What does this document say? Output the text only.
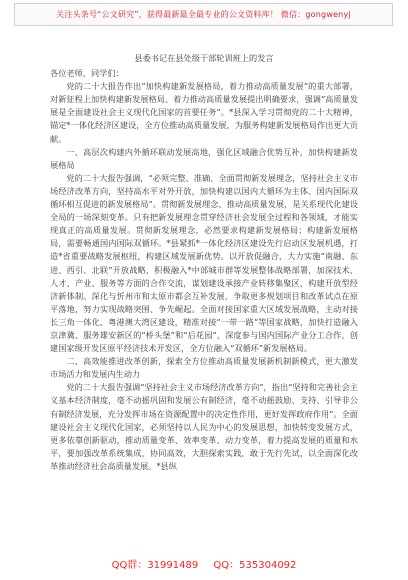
关注头条号“公文研究”，获得最新最全最专业的公文资料库！ 微信：gongwenyj
县委书记在县处级干部轮训班上的发言
各位老师，同学们：
党的二十大报告作出“加快构建新发展格局，着力推动高质量发展”的重大部署，对新征程上加快构建新发展格局、着力推动高质量发展提出明确要求，强调“高质量发展是全面建设社会主义现代化国家的首要任务”。*县深入学习贯彻党的二十大精神，锚定*一体化经济区建设，全方位推动高质量发展，为服务构建新发展格局作出更大贡献。
一、高层次构建内外循环联动发展高地，强化区域融合优势互补，加快构建新发展格局
党的二十大报告强调，“必须完整、准确、全面贯彻新发展理念，坚持社会主义市场经济改革方向，坚持高水平对外开放，加快构建以国内大循环为主体、国内国际双循环相互促进的新发展格局”。贯彻新发展理念、推动高质量发展，是关系现代化建设全局的一场深刻变革。只有把新发展理念贯穿经济社会发展全过程和各领域，才能实现真正的高质量发展。贯彻新发展理念，必然要求构建新发展格局；构建新发展格局，需要畅通国内国际双循环。*县紧抓*一体化经济区建设先行启动区发展机遇，打造*省重要战略发展枢纽，构建区域发展新优势。以开放促融合，大力实施“南融、东进、西引、北联”开放战略，积极融入*中部城市群等发展整体战略部署，加深技术、人才、产业、服务等方面的合作交流，谋划建设承接产业转移集聚区，构建开放型经济新体制。深化与忻州市和太原市都会互补发展，争取更多规划项目和改革试点在原平落地，努力实现战略突围、争先崛起。全面对接国家重大区域发展战略，主动对接长三角一体化、粤港澳大湾区建设，精准对接“一带一路”等国家战略，加快打造融入京津冀、服务雄安新区的“桥头堡”和“后花园”，深度参与国内国际产业分工合作，创建国家级开发区原平经济技术开发区，全方位融入“双循环”新发展格局。
二、高效能推进改革创新，探索全方位推动高质量发展新机制新模式，更大激发市场活力和发展内生动力
党的二十大报告强调“坚持社会主义市场经济改革方向”，指出“坚持和完善社会主义基本经济制度，毫不动摇巩固和发展公有制经济，毫不动摇鼓励、支持、引导非公有制经济发展，充分发挥市场在资源配置中的决定性作用，更好发挥政府作用”。全面建设社会主义现代化国家，必须坚持以人民为中心的发展思想，加快转变发展方式，更多依靠创新驱动，推动质量变革、效率变革、动力变革，着力提高发展的质量和水平，要加强改革系统集成，协同高效，大胆探索实践，敢于先行先试，以全面深化改革推动经济社会高质量发展。*县纵
QQ群：31991489 QQ：535304092
